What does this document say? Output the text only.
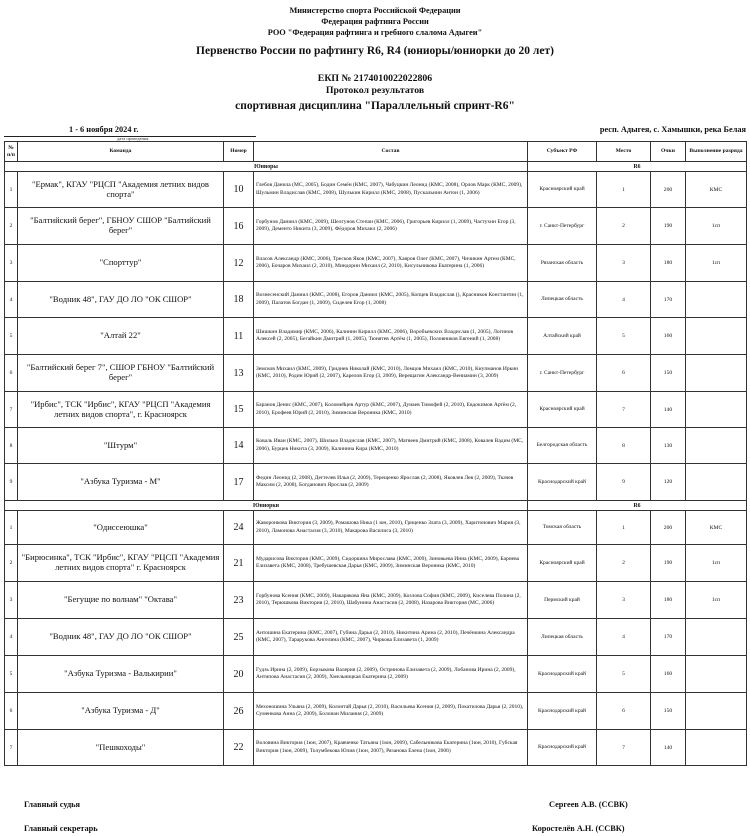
Министерство спорта Российской Федерации
Федерация рафтинга России
РОО "Федерация рафтинга и гребного слалома Адыгеи"
Первенство России по рафтингу R6, R4 (юниоры/юниорки до 20 лет)
ЕКП № 2174010022022806
Протокол результатов
спортивная дисциплина "Параллельный спринт-R6"
1 - 6 ноября 2024 г.
дата проведения
респ. Адыгея, с. Хамышки, река Белая
№ п/п	Команда	Номер	Состав	Субъект РФ	Место	Очки	Выполнение разряда
Юниоры				R6			
1	"Ермак", КГАУ "РЦСП "Академия летних видов спорта"	10	Глебов Данила (МС, 2005), Бодин Семён (КМС, 2007), Чабуцкин Леонид (КМС, 2008), Орлов Марк (КМС, 2009), Шульмин Владислав (КМС, 2008), Шулькин Кирилл (КМС, 2008), Пускальнин Антон (1, 2006)	Красноярский край	1	200	КМС
2	"Балтийский берег", ГБНОУ СШОР "Балтийский берег"	16	Горбунов Даниил (КМС, 2009), Шелгунов Степан (КМС, 2006), Григорьев Кирилл (1, 2009), Частухин Егор (3, 2009), Дементо Никита (3, 2009), Фёдоров Михаил (2, 2006)	г. Санкт-Петербург	2	190	1сп
3	"Спорттур"	12	Власов Александр (КМС, 2006), Тресков Яков (КМС, 2007), Хаяров Олег (КМС, 2007), Чичикин Артем (КМС, 2006), Бочаров Михаил (2, 2010), Миндорин Михаил (2, 2010), Кисульникова Екатерина (1, 2006)	Рязанская область	3	180	1сп
4	"Водник 48", ГАУ ДО ЛО "ОК СШОР"	18	Вознесенский Даниил (КМС, 2008), Егоров Даниил (КМС, 2005), Копцев Владислав (), Красников Константин (1, 2009), Палатов Богдан (1, 2009), Сиделев Егор (1, 2008)	Липецкая область	4	170	
5	"Алтай 22"	11	Шишкин Владимир (КМС, 2006), Калинин Кирилл (КМС, 2006), Воробьевских Владислав (1, 2005), Логинов Алексей (2, 2005), Бегайкин Дмитрий (1, 2005), Тюнятев Артём (1, 2005), Половников Евгений (1, 2008)	Алтайский край	5	160	
6	"Балтийский берег 7", СШОР ГБНОУ "Балтийский берег"	13	Земсков Михаил (КМС, 2009), Гриднев Николай (КМС, 2010), Ломцов Михаил (КМС, 2010), Кнупманов Иркин (КМС, 2010), Родин Юрий (2, 2007), Карелов Егор (3, 2009), Верещагин Александр-Вениамин (3, 2009)	г. Санкт-Петербург	6	150	
7	"Ирбис", ТСК "Ирбис", КГАУ "РЦСП "Академия летних видов спорта", г. Красноярск	15	Баранов Денис (КМС, 2007), Коломейцев Артур (КМС, 2007), Дунаев Тимофей (2, 2010), Евдокимов Артём (2, 2010), Ерофеев Юрий (2, 2010), Зиминская Вероника (КМС, 2010)	Красноярский край	7	140	
8	"Штурм"	14	Коваль Иван (КМС, 2007), Шилько Владислав (КМС, 2007), Матвеев Дмитрий (КМС, 2008), Ковалев Вадим (МС, 2006), Бурцев Никита (3, 2009), Калинина Кира (КМС, 2010)	Белгородская область	8	130	
9	"Азбука Туризма - М"	17	Федин Леонид (2, 2008), Дегтелев Илья (2, 2009), Терещенко Ярослав (2, 2008), Яковлев Лев (2, 2009), Ткачев Максим (2, 2008), Богданович Ярослав (2, 2009)	Краснодарский край	9	120	
Юниорки				R6			
1	"Одиссеюшка"	24	Жаворонкова Виктория (3, 2009), Ромашова Ника (1 юн, 2010), Гриценко Злата (3, 2009), Харитонович Мария (3, 2010), Ламонова Анастасия (3, 2010), Макарова Василиса (3, 2010)	Томская область	1	200	КМС
2	"Бирюсинка", ТСК "Ирбис", КГАУ "РЦСП "Академия летних видов спорта" г. Красноярск	21	Мударисова Виктория (КМС, 2009), Сидоркина Мирослава (КМС, 2009), Зиновьева Инна (КМС, 2009), Барнева Елизавета (КМС, 2008), Требушевская Дарья (КМС, 2009), Зиминская Вероника (КМС, 2010)	Красноярский край	2	190	1сп
3	"Бегущие по волнам" "Октава"	23	Горбунова Ксения (КМС, 2009), Накарякова Яна (КМС, 2009), Козлова София (КМС, 2009), Киселева Полина (2, 2010), Терюшкова Виктория (2, 2010), Шабунина Анастасия (2, 2008), Назарова Виктория (МС, 2006)	Пермский край	3	180	1сп
4	"Водник 48", ГАУ ДО ЛО "ОК СШОР"	25	Антошина Екатерина (КМС, 2007), Губина Дарья (2, 2010), Никитина Арина (2, 2010), Печёнкина Александра (КМС, 2007), Тарарукова Ангелина (КМС, 2007), Чиркова Елизавета (1, 2009)	Липецкая область	4	170	
5	"Азбука Туризма - Валькирии"	20	Гудзь Ирина (2, 2009), Борзыкова Валерия (2, 2009), Остринова Елизавета (2, 2009), Лобанова Ирина (2, 2009), Антипова Анастасия (2, 2009), Хмельницкая Екатерина (2, 2009)	Краснодарский край	5	160	
6	"Азбука Туризма - Д"	26	Мехоношина Ульяна (2, 2009), Колонтай Дарья (2, 2010), Васильева Ксения (2, 2009), Покатилова Дарья (2, 2010), Суменкова Анна (2, 2009), Болонан Милания (2, 2009)	Краснодарский край	6	150	
7	"Пешкоходы"	22	Воловина Виктория (1юн, 2007), Кравченко Татьяна (1юн, 2009), Сабельникова Екатерина (1юн, 2010), Губская Виктория (1юн, 2009), Толумбекова Юлия (1юн, 2007), Рязанова Елена (1юн, 2006)	Краснодарский край	7	140	
Главный судья	Сергеев А.В. (ССВК)
Главный секретарь	Коростелёв А.Н. (ССВК)
